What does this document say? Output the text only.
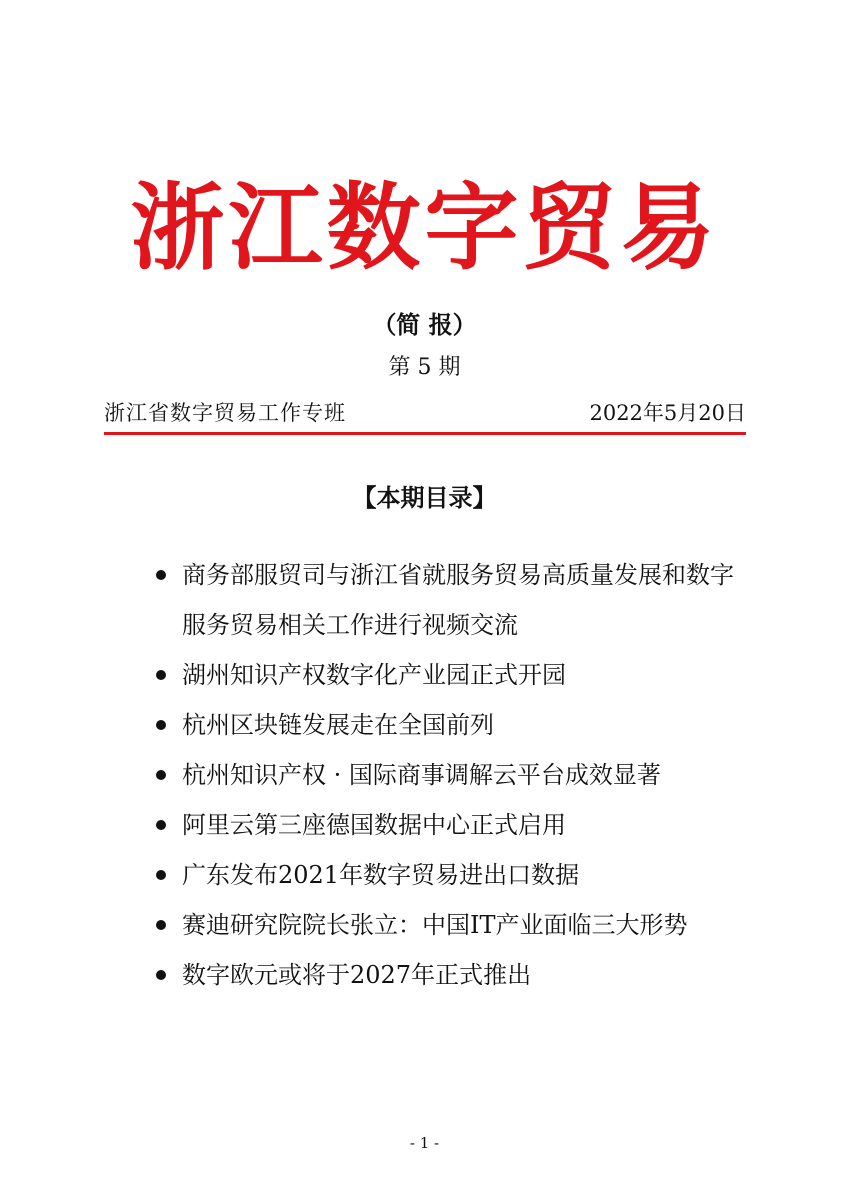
浙江数字贸易
（简 报）
第 5 期
浙江省数字贸易工作专班	2022年5月20日
【本期目录】
商务部服贸司与浙江省就服务贸易高质量发展和数字服务贸易相关工作进行视频交流
湖州知识产权数字化产业园正式开园
杭州区块链发展走在全国前列
杭州知识产权 · 国际商事调解云平台成效显著
阿里云第三座德国数据中心正式启用
广东发布2021年数字贸易进出口数据
赛迪研究院院长张立：中国IT产业面临三大形势
数字欧元或将于2027年正式推出
- 1 -
